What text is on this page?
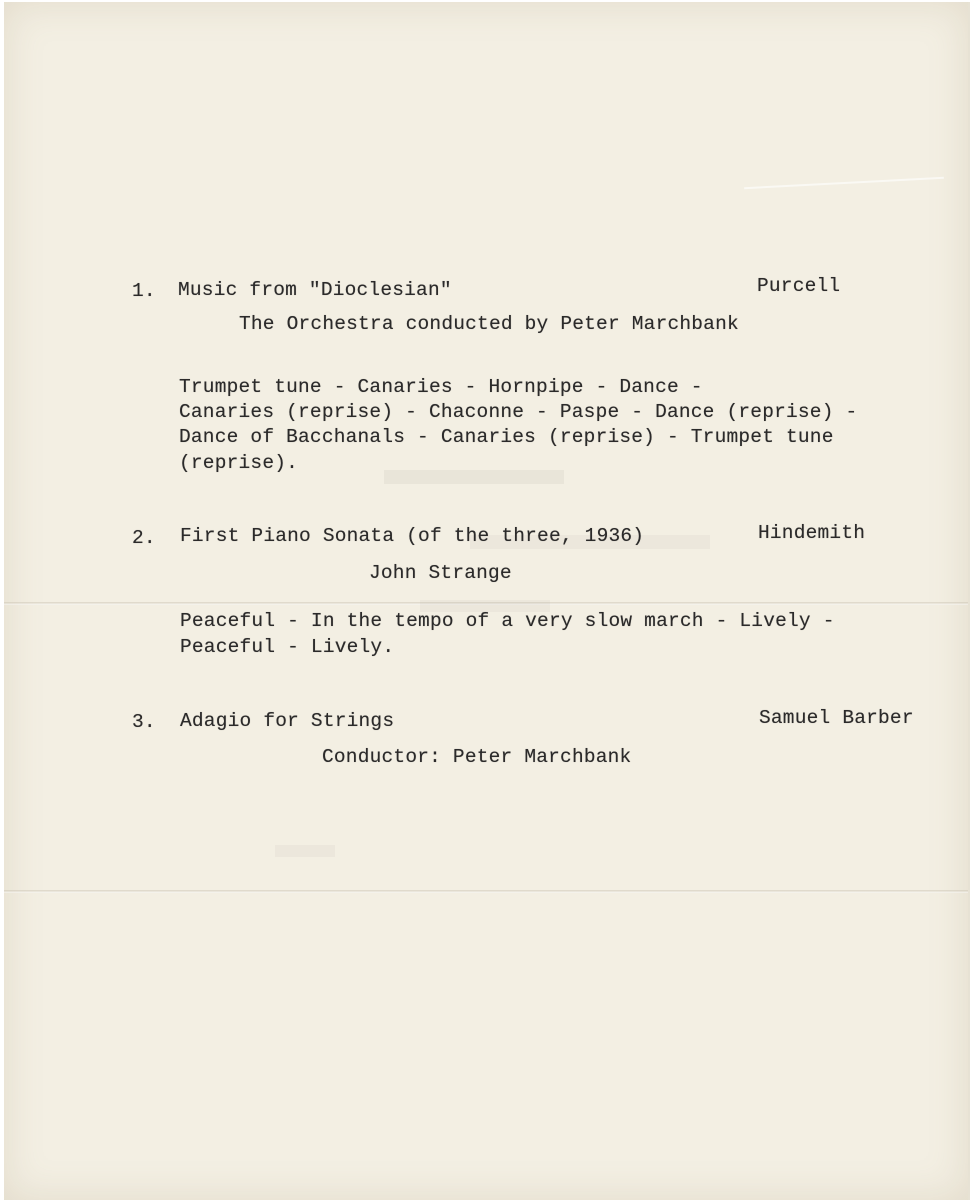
1. Music from "Dioclesian"	Purcell
The Orchestra conducted by Peter Marchbank
Trumpet tune - Canaries - Hornpipe - Dance -
Canaries (reprise) - Chaconne - Paspe - Dance (reprise) -
Dance of Bacchanals - Canaries (reprise) - Trumpet tune
(reprise).
2. First Piano Sonata (of the three, 1936)	Hindemith
John Strange
Peaceful - In the tempo of a very slow march - Lively -
Peaceful - Lively.
3. Adagio for Strings	Samuel Barber
Conductor: Peter Marchbank
